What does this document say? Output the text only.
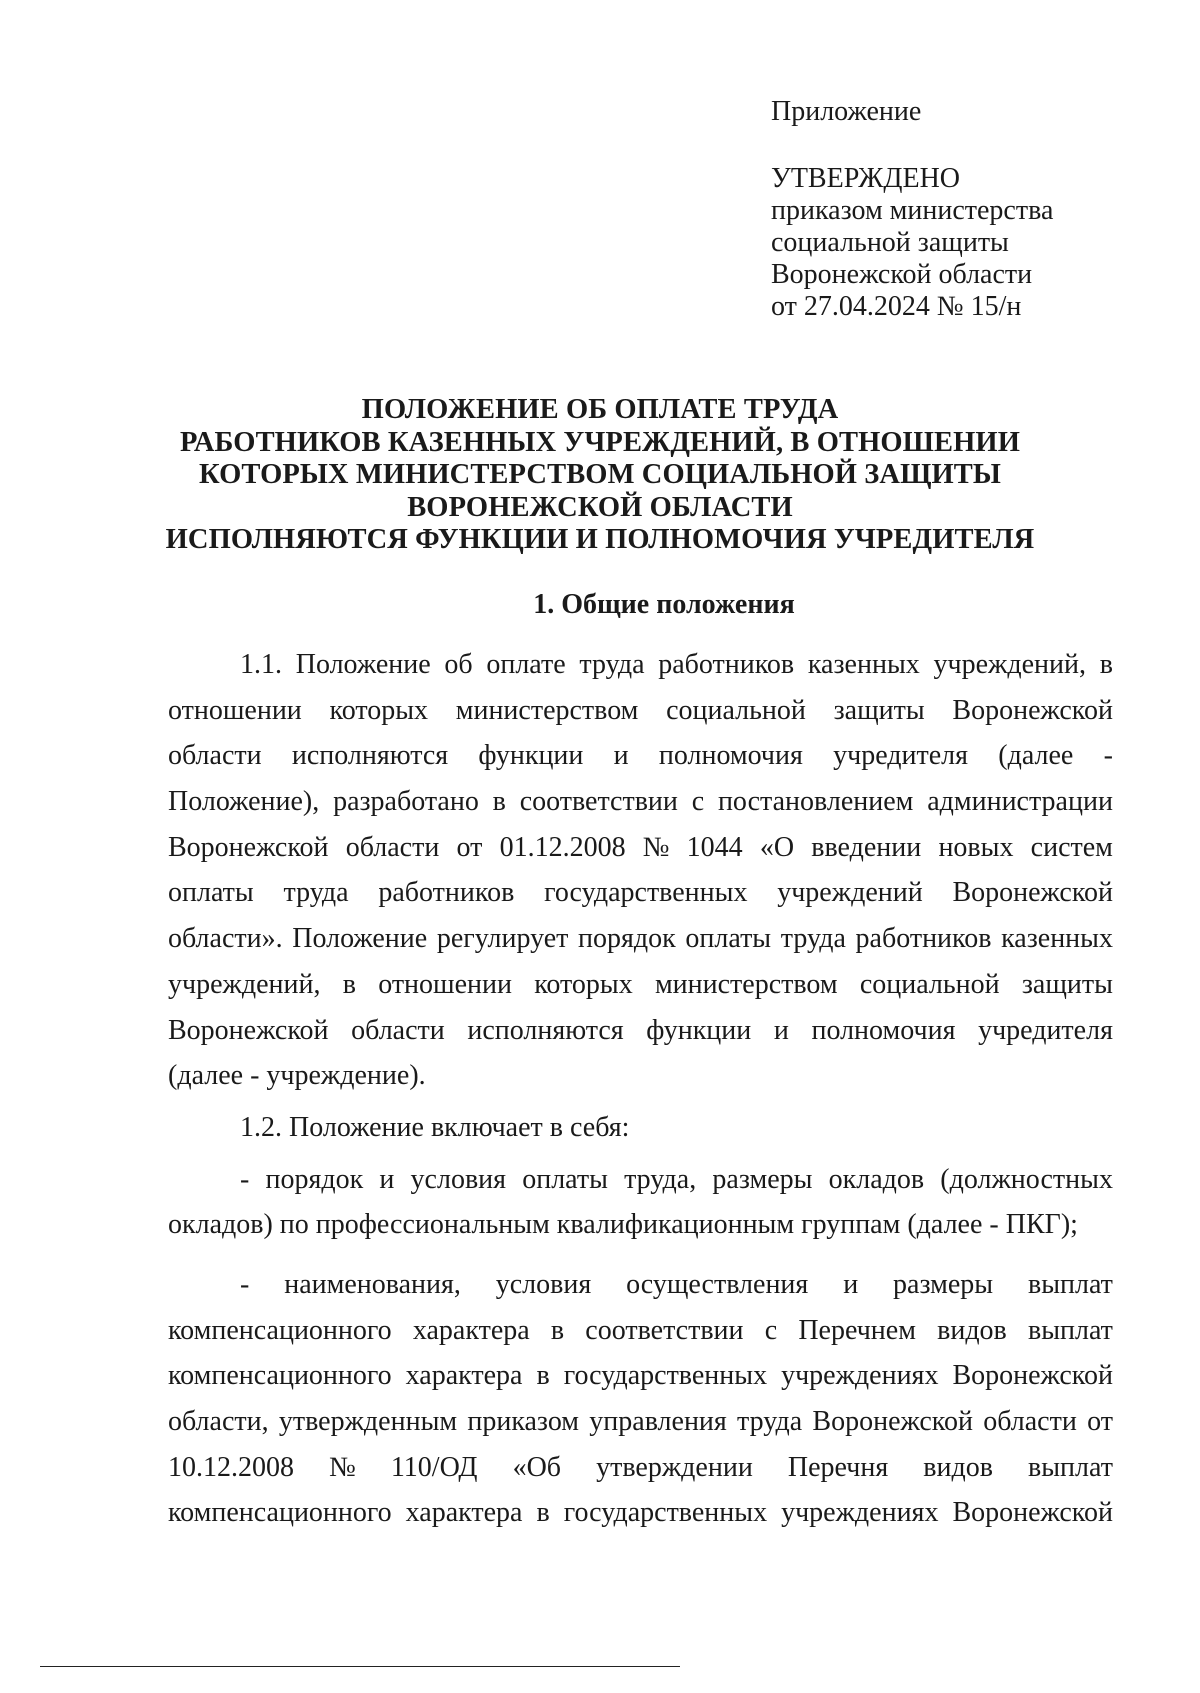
Приложение
УТВЕРЖДЕНО
приказом министерства
социальной защиты
Воронежской области
от 27.04.2024 № 15/н
ПОЛОЖЕНИЕ ОБ ОПЛАТЕ ТРУДА
РАБОТНИКОВ КАЗЕННЫХ УЧРЕЖДЕНИЙ, В ОТНОШЕНИИ
КОТОРЫХ МИНИСТЕРСТВОМ СОЦИАЛЬНОЙ ЗАЩИТЫ
ВОРОНЕЖСКОЙ ОБЛАСТИ
ИСПОЛНЯЮТСЯ ФУНКЦИИ И ПОЛНОМОЧИЯ УЧРЕДИТЕЛЯ
1. Общие положения
1.1. Положение об оплате труда работников казенных учреждений, в
отношении которых министерством социальной защиты Воронежской
области исполняются функции и полномочия учредителя (далее -
Положение), разработано в соответствии с постановлением администрации
Воронежской области от 01.12.2008 № 1044 «О введении новых систем
оплаты труда работников государственных учреждений Воронежской
области». Положение регулирует порядок оплаты труда работников казенных
учреждений, в отношении которых министерством социальной защиты
Воронежской области исполняются функции и полномочия учредителя
(далее - учреждение).
1.2. Положение включает в себя:
- порядок и условия оплаты труда, размеры окладов (должностных
окладов) по профессиональным квалификационным группам (далее - ПКГ);
- наименования, условия осуществления и размеры выплат
компенсационного характера в соответствии с Перечнем видов выплат
компенсационного характера в государственных учреждениях Воронежской
области, утвержденным приказом управления труда Воронежской области от
10.12.2008 № 110/ОД «Об утверждении Перечня видов выплат
компенсационного характера в государственных учреждениях Воронежской
